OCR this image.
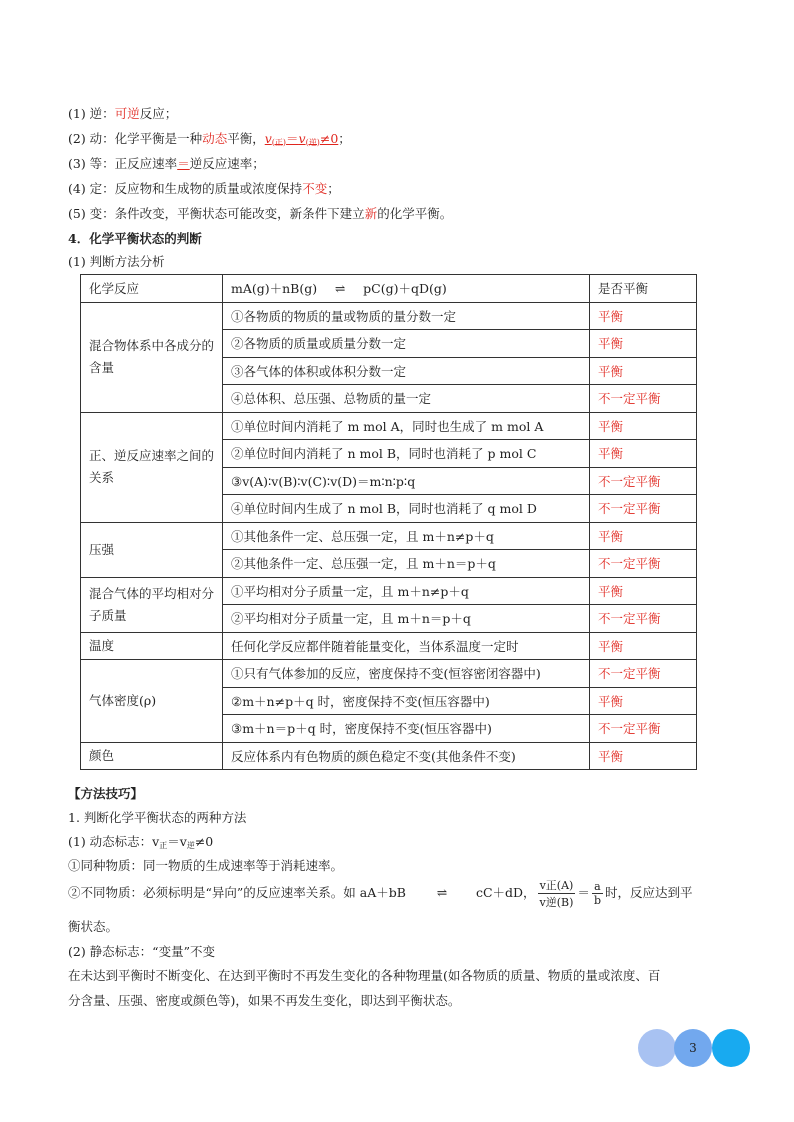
(1) 逆：可逆反应；
(2) 动：化学平衡是一种动态平衡，$v_{(正)}=v_{(逆)}\ne 0$；
(3) 等：正反应速率＝逆反应速率；
(4) 定：反应物和生成物的质量或浓度保持不变；
(5) 变：条件改变，平衡状态可能改变，新条件下建立新的化学平衡。
4．化学平衡状态的判断
(1) 判断方法分析
化学反应	mA(g)＋nB(g) ⇌ pC(g)＋qD(g)	是否平衡
混合物体系中各成分的含量	①各物质的物质的量或物质的量分数一定	平衡
	②各物质的质量或质量分数一定	平衡
	③各气体的体积或体积分数一定	平衡
	④总体积、总压强、总物质的量一定	不一定平衡
正、逆反应速率之间的关系	①单位时间内消耗了 m mol A，同时也生成了 m mol A	平衡
	②单位时间内消耗了 n mol B，同时也消耗了 p mol C	平衡
	③v(A)∶v(B)∶v(C)∶v(D)＝m∶n∶p∶q	不一定平衡
	④单位时间内生成了 n mol B，同时也消耗了 q mol D	不一定平衡
压强	①其他条件一定、总压强一定，且 m＋n≠p＋q	平衡
	②其他条件一定、总压强一定，且 m＋n＝p＋q	不一定平衡
混合气体的平均相对分子质量	①平均相对分子质量一定，且 m＋n≠p＋q	平衡
	②平均相对分子质量一定，且 m＋n＝p＋q	不一定平衡
温度	任何化学反应都伴随着能量变化，当体系温度一定时	平衡
气体密度(ρ)	①只有气体参加的反应，密度保持不变(恒容密闭容器中)	不一定平衡
	②m＋n≠p＋q 时，密度保持不变(恒压容器中)	平衡
	③m＋n＝p＋q 时，密度保持不变(恒压容器中)	不一定平衡
颜色	反应体系内有色物质的颜色稳定不变(其他条件不变)	平衡
【方法技巧】
1. 判断化学平衡状态的两种方法
(1) 动态标志：$v_正=v_逆\ne 0$
①同种物质：同一物质的生成速率等于消耗速率。
②不同物质：必须标明是“异向”的反应速率关系。如 aA＋bB ⇌ cC＋dD， $\frac{\text{v正(A)}}{\text{v逆(B)}} = \frac{a}{b}$ 时，反应达到平
衡状态。
(2) 静态标志：“变量”不变
在未达到平衡时不断变化、在达到平衡时不再发生变化的各种物理量(如各物质的质量、物质的量或浓度、百
分含量、压强、密度或颜色等)，如果不再发生变化，即达到平衡状态。
3
